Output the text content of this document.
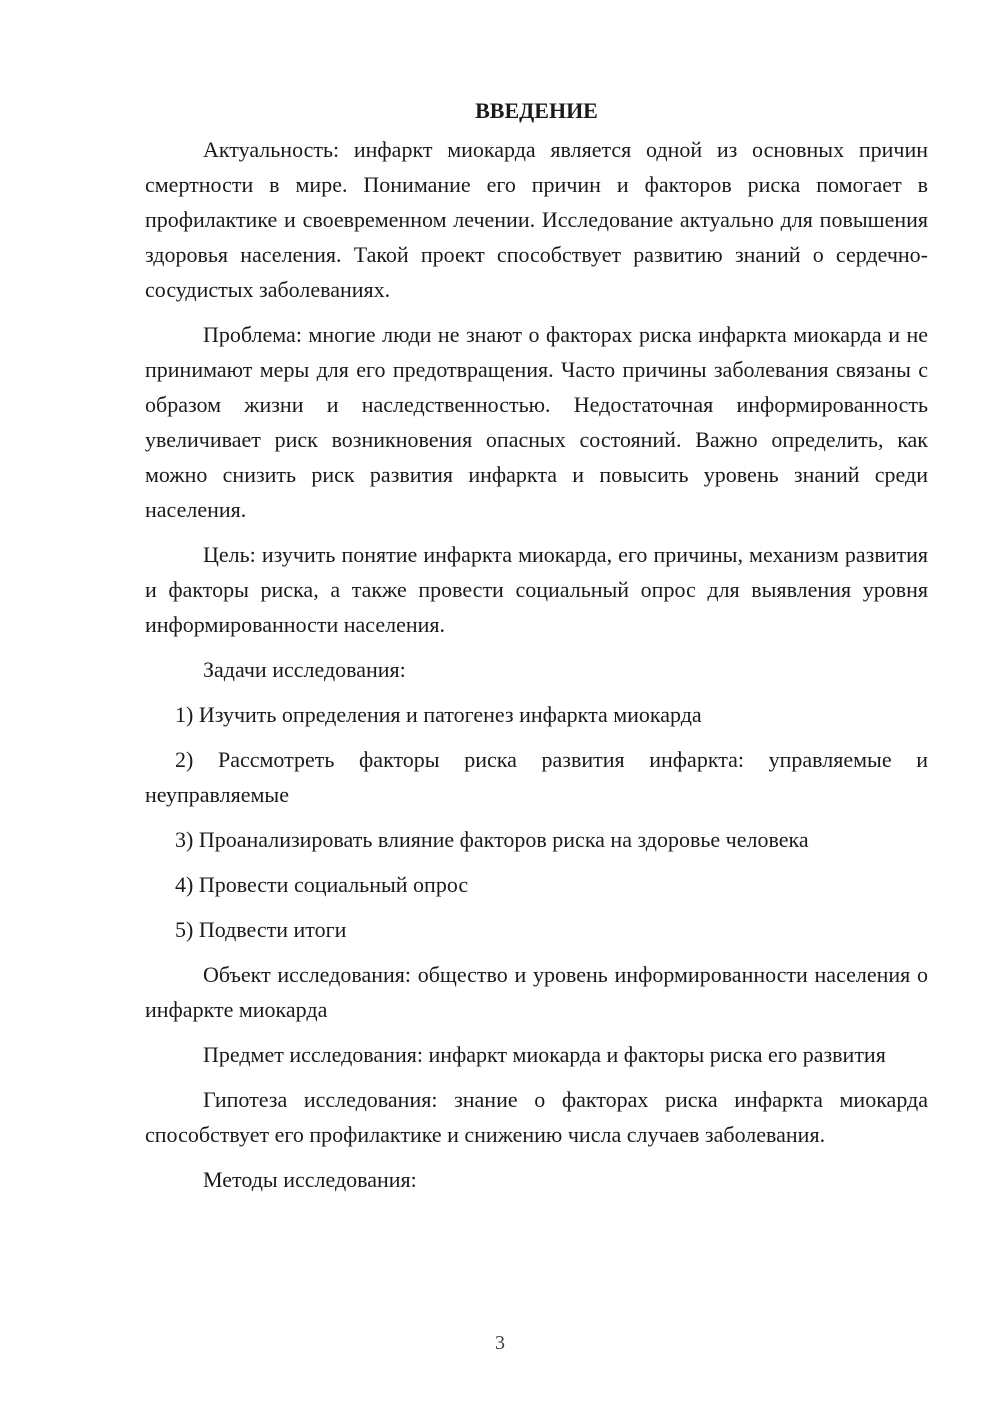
ВВЕДЕНИЕ

Актуальность: инфаркт миокарда является одной из основных причин смертности в мире. Понимание его причин и факторов риска помогает в профилактике и своевременном лечении. Исследование актуально для повышения здоровья населения. Такой проект способствует развитию знаний о сердечно-сосудистых заболеваниях.

Проблема: многие люди не знают о факторах риска инфаркта миокарда и не принимают меры для его предотвращения. Часто причины заболевания связаны с образом жизни и наследственностью. Недостаточная информированность увеличивает риск возникновения опасных состояний. Важно определить, как можно снизить риск развития инфаркта и повысить уровень знаний среди населения.

Цель: изучить понятие инфаркта миокарда, его причины, механизм развития и факторы риска, а также провести социальный опрос для выявления уровня информированности населения.

Задачи исследования:

1) Изучить определения и патогенез инфаркта миокарда

2) Рассмотреть факторы риска развития инфаркта: управляемые и неуправляемые

3) Проанализировать влияние факторов риска на здоровье человека

4) Провести социальный опрос

5) Подвести итоги

Объект исследования: общество и уровень информированности населения о инфаркте миокарда

Предмет исследования: инфаркт миокарда и факторы риска его развития

Гипотеза исследования: знание о факторах риска инфаркта миокарда способствует его профилактике и снижению числа случаев заболевания.

Методы исследования:

3
